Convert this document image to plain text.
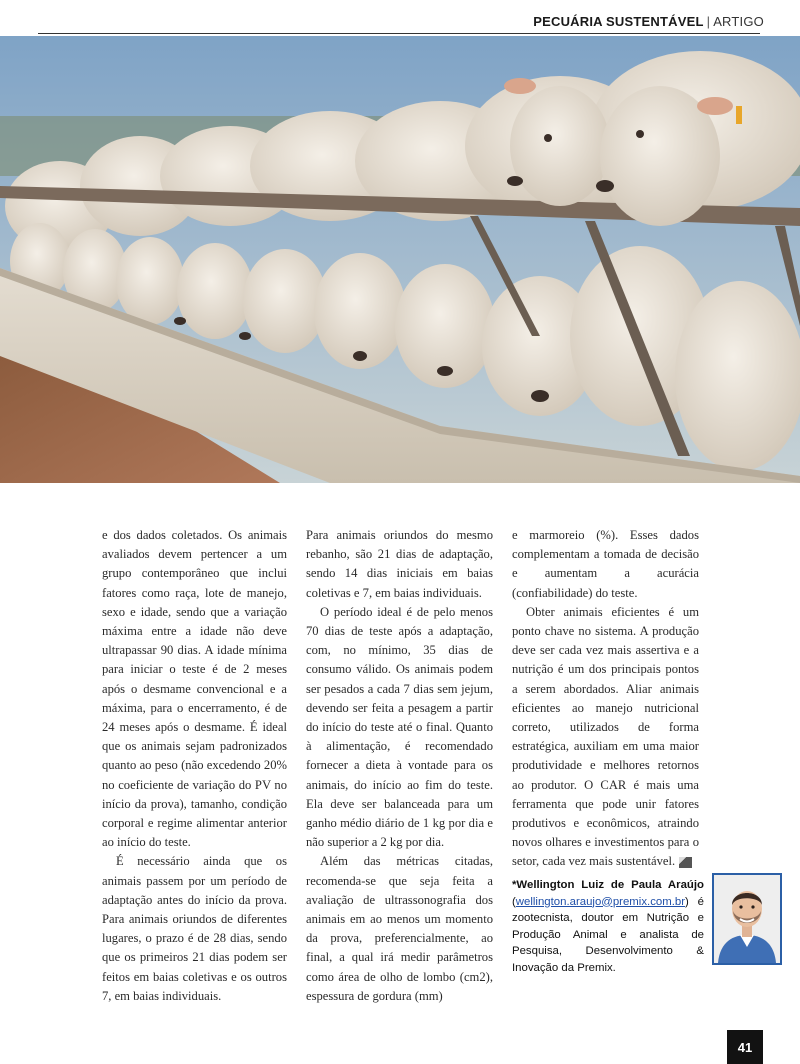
PECUÁRIA SUSTENTÁVEL | ARTIGO

e dos dados coletados. Os animais avaliados devem pertencer a um grupo contemporâneo que inclui fatores como raça, lote de manejo, sexo e idade, sendo que a variação máxima entre a idade não deve ultrapassar 90 dias. A idade mínima para iniciar o teste é de 2 meses após o desmame convencional e a máxima, para o encerramento, é de 24 meses após o desmame. É ideal que os animais sejam padronizados quanto ao peso (não excedendo 20% no coeficiente de variação do PV no início da prova), tamanho, condição corporal e regime alimentar anterior ao início do teste.

É necessário ainda que os animais passem por um período de adaptação antes do início da prova. Para animais oriundos de diferentes lugares, o prazo é de 28 dias, sendo que os primeiros 21 dias podem ser feitos em baias coletivas e os outros 7, em baias individuais.

Para animais oriundos do mesmo rebanho, são 21 dias de adaptação, sendo 14 dias iniciais em baias coletivas e 7, em baias individuais.

O período ideal é de pelo menos 70 dias de teste após a adaptação, com, no mínimo, 35 dias de consumo válido. Os animais podem ser pesados a cada 7 dias sem jejum, devendo ser feita a pesagem a partir do início do teste até o final. Quanto à alimentação, é recomendado fornecer a dieta à vontade para os animais, do início ao fim do teste. Ela deve ser balanceada para um ganho médio diário de 1 kg por dia e não superior a 2 kg por dia.

Além das métricas citadas, recomenda-se que seja feita a avaliação de ultrassonografia dos animais em ao menos um momento da prova, preferencialmente, ao final, a qual irá medir parâmetros como área de olho de lombo (cm2), espessura de gordura (mm)

e marmoreio (%). Esses dados complementam a tomada de decisão e aumentam a acurácia (confiabilidade) do teste.

Obter animais eficientes é um ponto chave no sistema. A produção deve ser cada vez mais assertiva e a nutrição é um dos principais pontos a serem abordados. Aliar animais eficientes ao manejo nutricional correto, utilizados de forma estratégica, auxiliam em uma maior produtividade e melhores retornos ao produtor. O CAR é mais uma ferramenta que pode unir fatores produtivos e econômicos, atraindo novos olhares e investimentos para o setor, cada vez mais sustentável.

*Wellington Luiz de Paula Araújo (wellington.araujo@premix.com.br) é zootecnista, doutor em Nutrição e Produção Animal e analista de Pesquisa, Desenvolvimento & Inovação da Premix.

41
